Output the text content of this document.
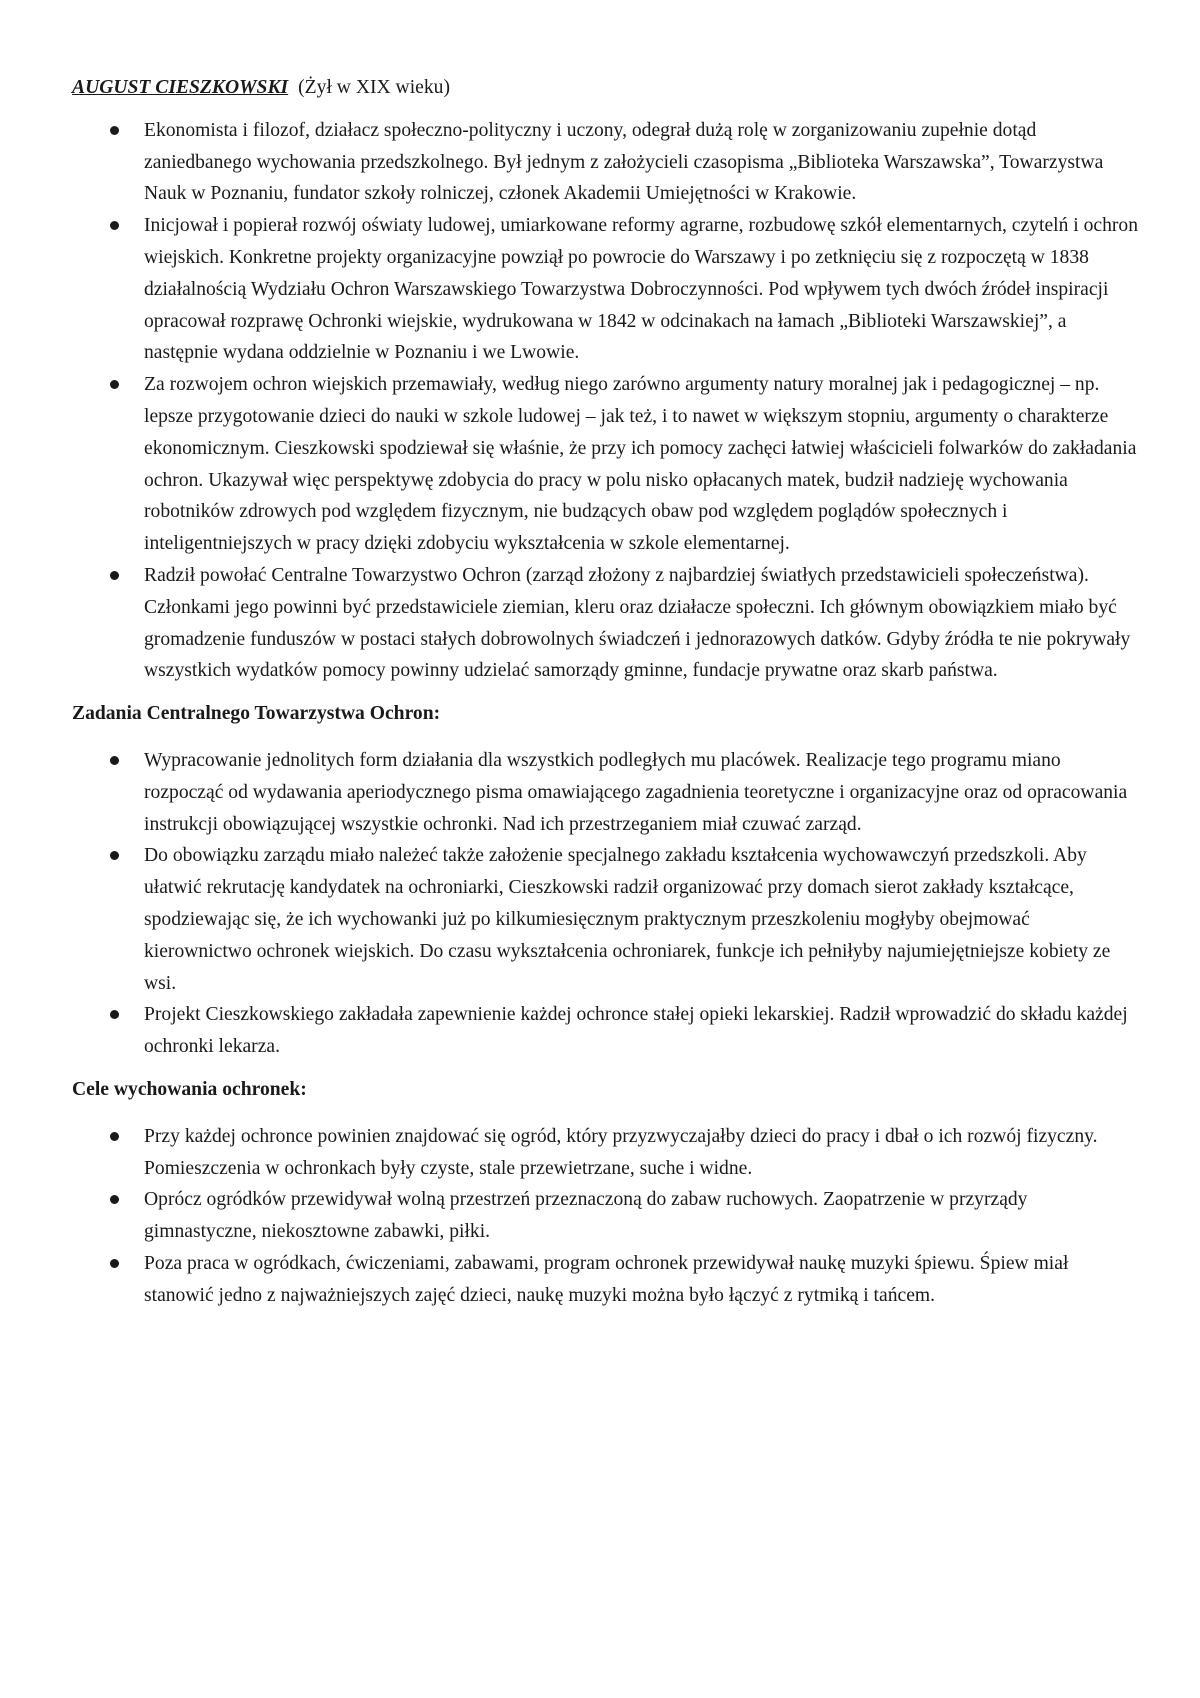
AUGUST CIESZKOWSKI (Żył w XIX wieku)
Ekonomista i filozof, działacz społeczno-polityczny i uczony, odegrał dużą rolę w zorganizowaniu zupełnie dotąd zaniedbanego wychowania przedszkolnego. Był jednym z założycieli czasopisma „Biblioteka Warszawska”, Towarzystwa Nauk w Poznaniu, fundator szkoły rolniczej, członek Akademii Umiejętności w Krakowie.
Inicjował i popierał rozwój oświaty ludowej, umiarkowane reformy agrarne, rozbudowę szkół elementarnych, czytelń i ochron wiejskich. Konkretne projekty organizacyjne powziął po powrocie do Warszawy i po zetknięciu się z rozpoczętą w 1838 działalnością Wydziału Ochron Warszawskiego Towarzystwa Dobroczynności. Pod wpływem tych dwóch źródeł inspiracji opracował rozprawę Ochronki wiejskie, wydrukowana w 1842 w odcinakach na łamach „Biblioteki Warszawskiej”, a następnie wydana oddzielnie w Poznaniu i we Lwowie.
Za rozwojem ochron wiejskich przemawiały, według niego zarówno argumenty natury moralnej jak i pedagogicznej – np. lepsze przygotowanie dzieci do nauki w szkole ludowej – jak też, i to nawet w większym stopniu, argumenty o charakterze ekonomicznym. Cieszkowski spodziewał się właśnie, że przy ich pomocy zachęci łatwiej właścicieli folwarków do zakładania ochron. Ukazywał więc perspektywę zdobycia do pracy w polu nisko opłacanych matek, budził nadzieję wychowania robotników zdrowych pod względem fizycznym, nie budzących obaw pod względem poglądów społecznych i inteligentniejszych w pracy dzięki zdobyciu wykształcenia w szkole elementarnej.
Radził powołać Centralne Towarzystwo Ochron (zarząd złożony z najbardziej światłych przedstawicieli społeczeństwa). Członkami jego powinni być przedstawiciele ziemian, kleru oraz działacze społeczni. Ich głównym obowiązkiem miało być gromadzenie funduszów w postaci stałych dobrowolnych świadczeń i jednorazowych datków. Gdyby źródła te nie pokrywały wszystkich wydatków pomocy powinny udzielać samorządy gminne, fundacje prywatne oraz skarb państwa.
Zadania Centralnego Towarzystwa Ochron:
Wypracowanie jednolitych form działania dla wszystkich podległych mu placówek. Realizacje tego programu miano rozpocząć od wydawania aperiodycznego pisma omawiającego zagadnienia teoretyczne i organizacyjne oraz od opracowania instrukcji obowiązującej wszystkie ochronki. Nad ich przestrzeganiem miał czuwać zarząd.
Do obowiązku zarządu miało należeć także założenie specjalnego zakładu kształcenia wychowawczyń przedszkoli. Aby ułatwić rekrutację kandydatek na ochroniarki, Cieszkowski radził organizować przy domach sierot zakłady kształcące, spodziewając się, że ich wychowanki już po kilkumiesięcznym praktycznym przeszkoleniu mogłyby obejmować kierownictwo ochronek wiejskich. Do czasu wykształcenia ochroniarek, funkcje ich pełniłyby najumiejętniejsze kobiety ze wsi.
Projekt Cieszkowskiego zakładała zapewnienie każdej ochronce stałej opieki lekarskiej. Radził wprowadzić do składu każdej ochronki lekarza.
Cele wychowania ochronek:
Przy każdej ochronce powinien znajdować się ogród, który przyzwyczajałby dzieci do pracy i dbał o ich rozwój fizyczny. Pomieszczenia w ochronkach były czyste, stale przewietrzane, suche i widne.
Oprócz ogródków przewidywał wolną przestrzeń przeznaczoną do zabaw ruchowych. Zaopatrzenie w przyrządy gimnastyczne, niekosztowne zabawki, piłki.
Poza praca w ogródkach, ćwiczeniami, zabawami, program ochronek przewidywał naukę muzyki śpiewu. Śpiew miał stanowić jedno z najważniejszych zajęć dzieci, naukę muzyki można było łączyć z rytmiką i tańcem.
